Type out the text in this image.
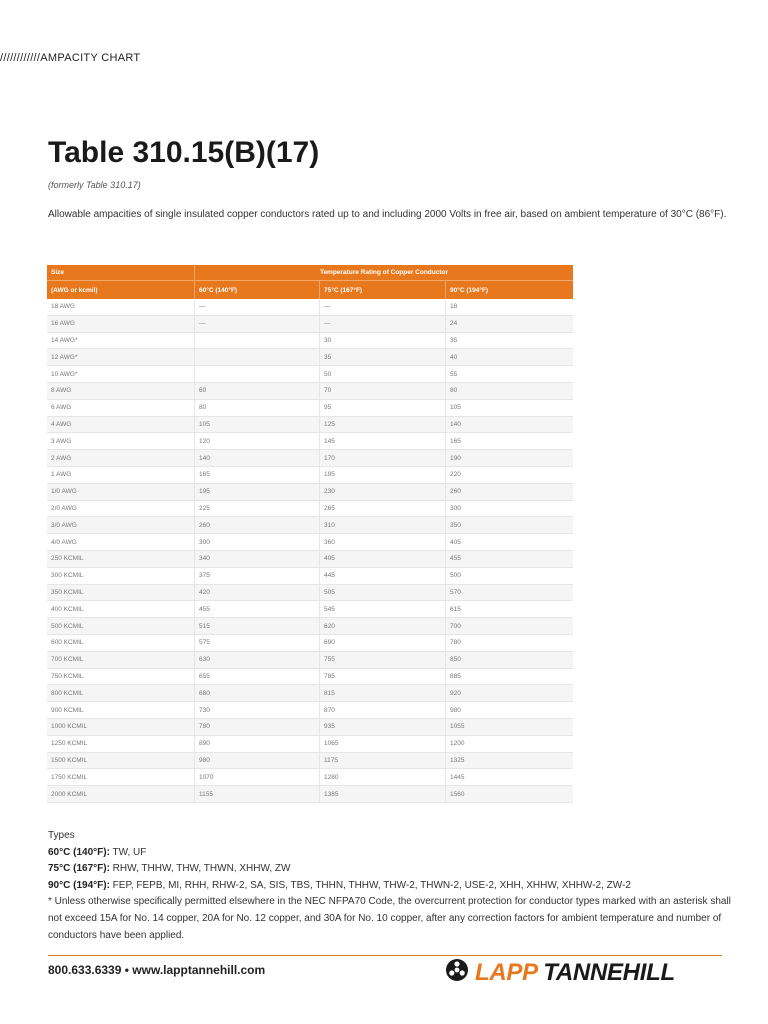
////////////AMPACITY CHART
Table 310.15(B)(17)
(formerly Table 310.17)
Allowable ampacities of single insulated copper conductors rated up to and including 2000 Volts in free air, based on ambient temperature of 30°C (86°F).
Size	Temperature Rating of Copper Conductor		
(AWG or kcmil)	60°C (140°F)	75°C (167°F)	90°C (194°F)
18 AWG	—	—	18
16 AWG	—	—	24
14 AWG*		30	35
12 AWG*		35	40
10 AWG*		50	55
8 AWG	60	70	80
6 AWG	80	95	105
4 AWG	105	125	140
3 AWG	120	145	165
2 AWG	140	170	190
1 AWG	165	195	220
1/0 AWG	195	230	260
2/0 AWG	225	265	300
3/0 AWG	260	310	350
4/0 AWG	300	360	405
250 KCMIL	340	405	455
300 KCMIL	375	445	500
350 KCMIL	420	505	570
400 KCMIL	455	545	615
500 KCMIL	515	620	700
600 KCMIL	575	690	780
700 KCMIL	630	755	850
750 KCMIL	655	785	885
800 KCMIL	680	815	920
900 KCMIL	730	870	980
1000 KCMIL	780	935	1055
1250 KCMIL	890	1065	1200
1500 KCMIL	980	1175	1325
1750 KCMIL	1070	1280	1445
2000 KCMIL	1155	1385	1560
Types
60°C (140°F): TW, UF
75°C (167°F): RHW, THHW, THW, THWN, XHHW, ZW
90°C (194°F): FEP, FEPB, MI, RHH, RHW-2, SA, SIS, TBS, THHN, THHW, THW-2, THWN-2, USE-2, XHH, XHHW, XHHW-2, ZW-2
* Unless otherwise specifically permitted elsewhere in the NEC NFPA70 Code, the overcurrent protection for conductor types marked with an asterisk shall not exceed 15A for No. 14 copper, 20A for No. 12 copper, and 30A for No. 10 copper, after any correction factors for ambient temperature and number of conductors have been applied.
800.633.6339 • www.lapptannehill.com	LAPP TANNEHILL
